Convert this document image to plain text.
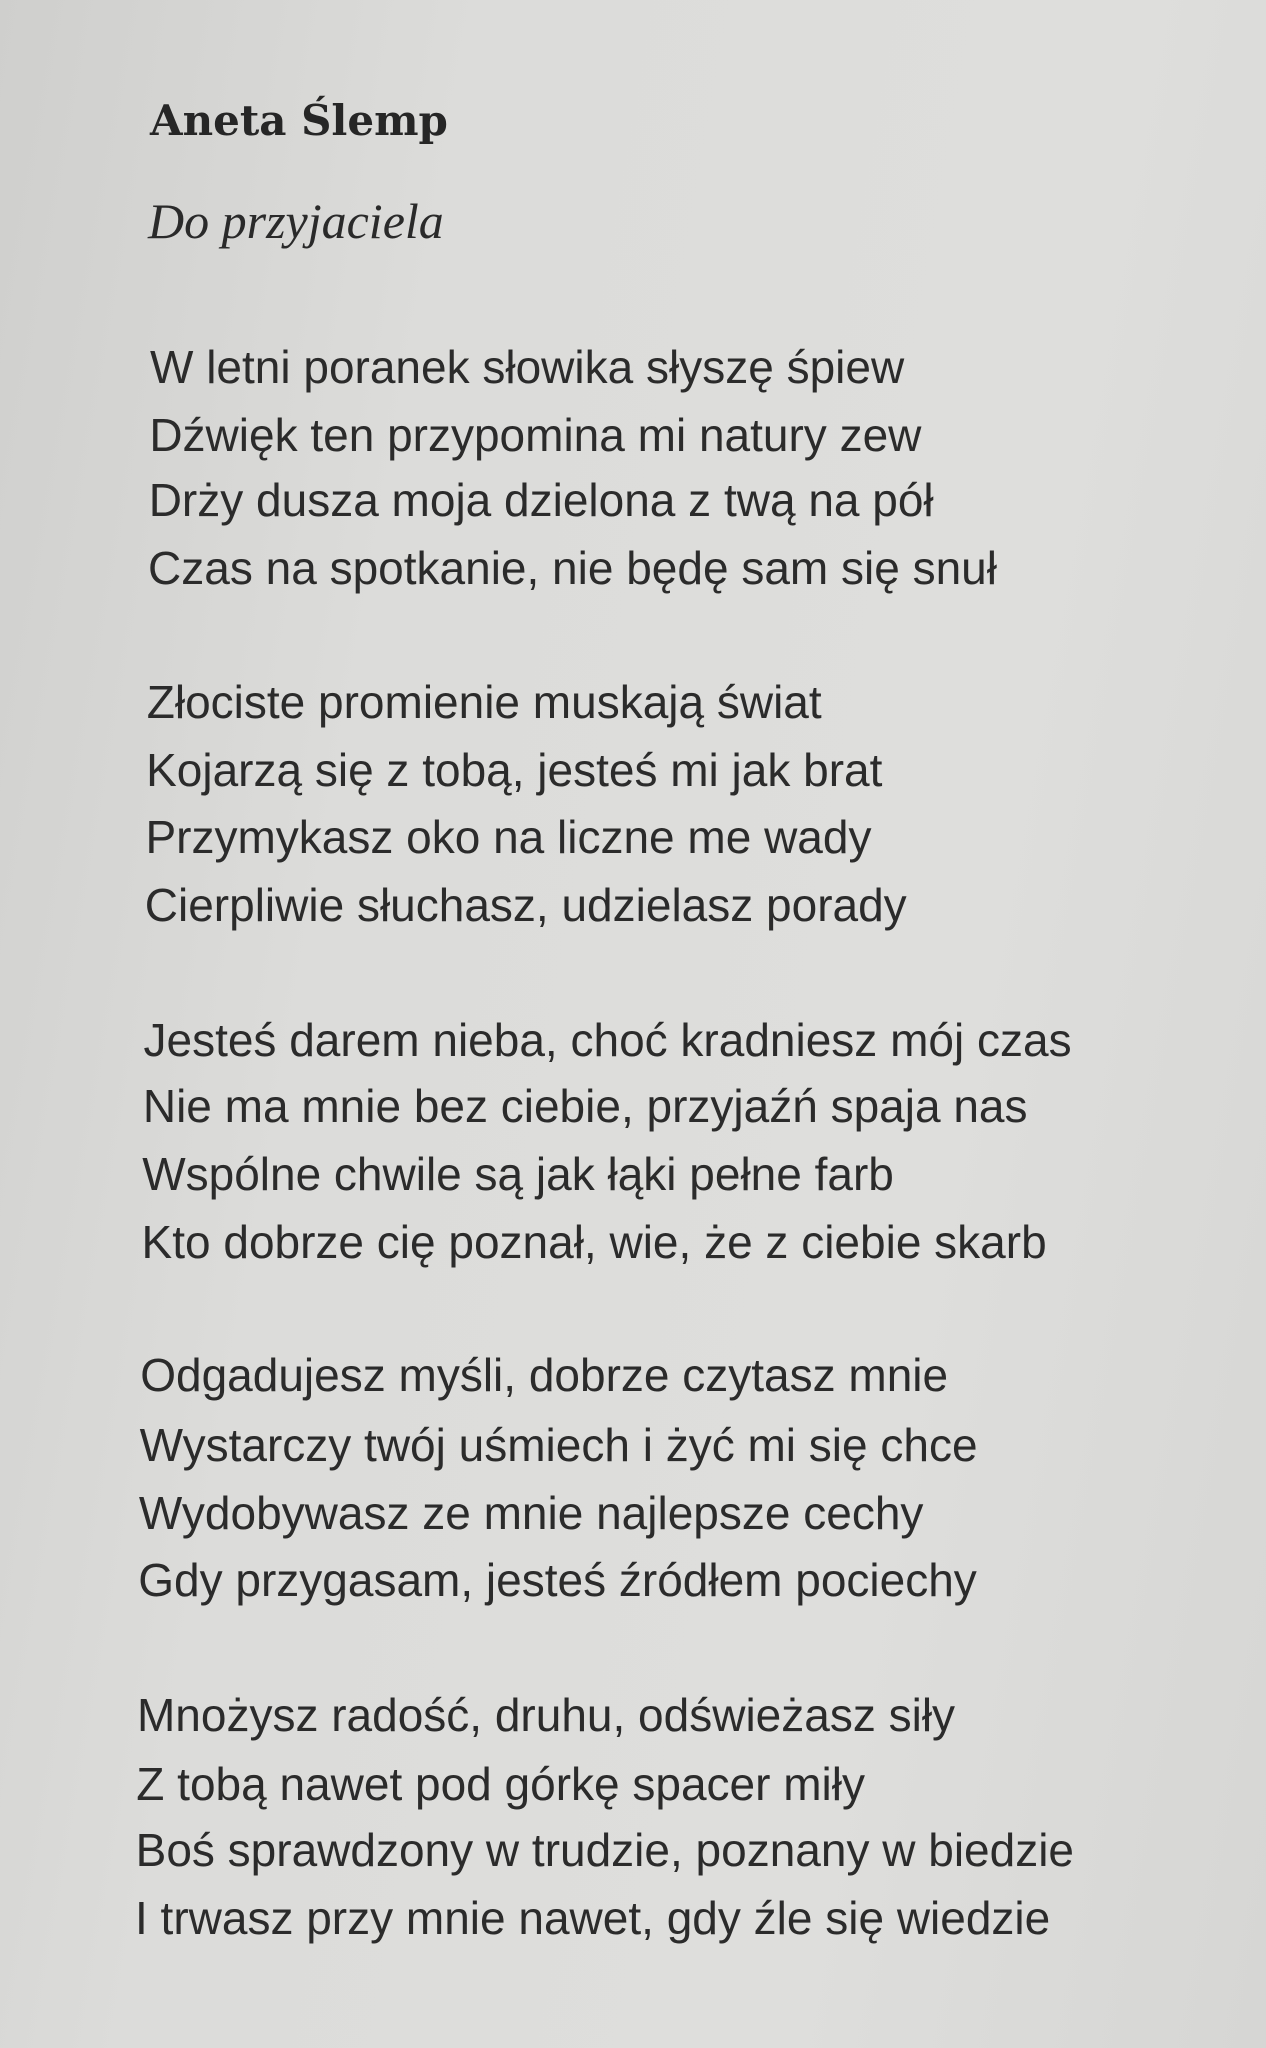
Aneta Ślemp
Do przyjaciela
W letni poranek słowika słyszę śpiew
Dźwięk ten przypomina mi natury zew
Drży dusza moja dzielona z twą na pół
Czas na spotkanie, nie będę sam się snuł
Złociste promienie muskają świat
Kojarzą się z tobą, jesteś mi jak brat
Przymykasz oko na liczne me wady
Cierpliwie słuchasz, udzielasz porady
Jesteś darem nieba, choć kradniesz mój czas
Nie ma mnie bez ciebie, przyjaźń spaja nas
Wspólne chwile są jak łąki pełne farb
Kto dobrze cię poznał, wie, że z ciebie skarb
Odgadujesz myśli, dobrze czytasz mnie
Wystarczy twój uśmiech i żyć mi się chce
Wydobywasz ze mnie najlepsze cechy
Gdy przygasam, jesteś źródłem pociechy
Mnożysz radość, druhu, odświeżasz siły
Z tobą nawet pod górkę spacer miły
Boś sprawdzony w trudzie, poznany w biedzie
I trwasz przy mnie nawet, gdy źle się wiedzie
